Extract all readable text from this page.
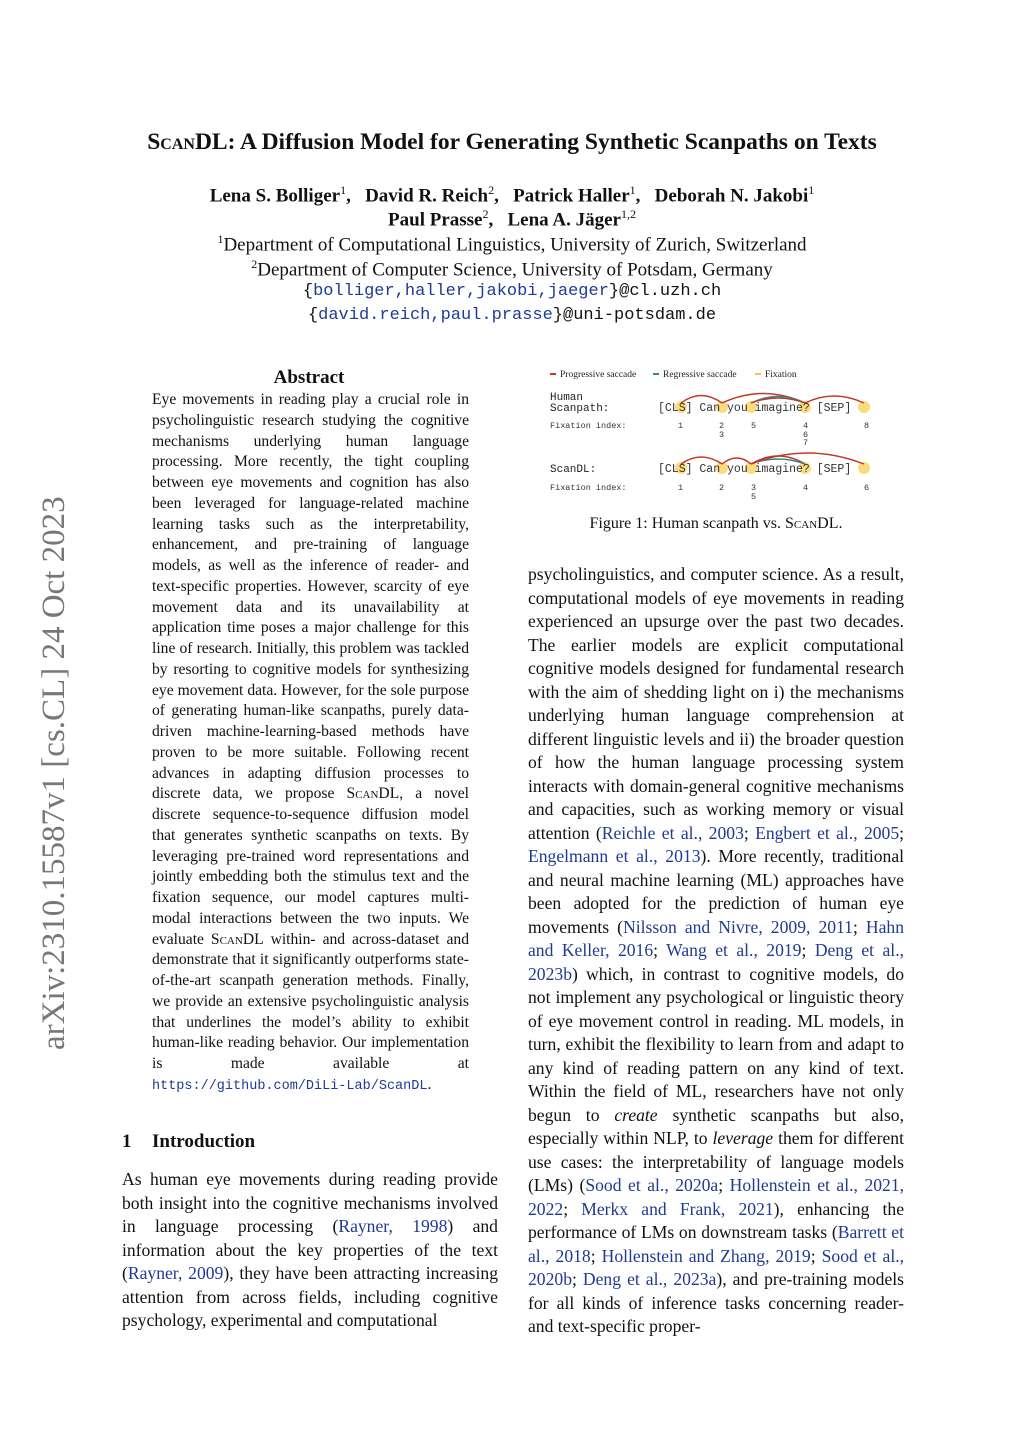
arXiv:2310.15587v1 [cs.CL] 24 Oct 2023
ScanDL: A Diffusion Model for Generating Synthetic Scanpaths on Texts
Lena S. Bolliger$^1$,   David R. Reich$^2$,   Patrick Haller$^1$,   Deborah N. Jakobi$^1$
Paul Prasse$^2$,   Lena A. Jäger$^{1,2}$
$^1$Department of Computational Linguistics, University of Zurich, Switzerland
$^2$Department of Computer Science, University of Potsdam, Germany
{bolliger,haller,jakobi,jaeger}@cl.uzh.ch
{david.reich,paul.prasse}@uni-potsdam.de
Abstract
Eye movements in reading play a crucial role in psycholinguistic research studying the cognitive mechanisms underlying human language processing. More recently, the tight coupling between eye movements and cognition has also been leveraged for language-related machine learning tasks such as the interpretability, enhancement, and pre-training of language models, as well as the inference of reader- and text-specific properties. However, scarcity of eye movement data and its unavailability at application time poses a major challenge for this line of research. Initially, this problem was tackled by resorting to cognitive models for synthesizing eye movement data. However, for the sole purpose of generating human-like scanpaths, purely data-driven machine-learning-based methods have proven to be more suitable. Following recent advances in adapting diffusion processes to discrete data, we propose ScanDL, a novel discrete sequence-to-sequence diffusion model that generates synthetic scanpaths on texts. By leveraging pre-trained word representations and jointly embedding both the stimulus text and the fixation sequence, our model captures multi-modal interactions between the two inputs. We evaluate ScanDL within- and across-dataset and demonstrate that it significantly outperforms state-of-the-art scanpath generation methods. Finally, we provide an extensive psycholinguistic analysis that underlines the model’s ability to exhibit human-like reading behavior. Our implementation is made available at https://github.com/DiLi-Lab/ScanDL.
1 Introduction
As human eye movements during reading provide both insight into the cognitive mechanisms involved in language processing (Rayner, 1998) and information about the key properties of the text (Rayner, 2009), they have been attracting increasing attention from across fields, including cognitive psychology, experimental and computational
Progressive saccade	Regressive saccade	Fixation
Human
Scanpath:	[CLS] Can you imagine? [SEP]
Fixation index:	1	2
3
5	4
6
7
8
ScanDL:	[CLS] Can you imagine? [SEP]
Fixation index:	1	2	3
5
4	6
Figure 1: Human scanpath vs. ScanDL.
psycholinguistics, and computer science. As a result, computational models of eye movements in reading experienced an upsurge over the past two decades. The earlier models are explicit computational cognitive models designed for fundamental research with the aim of shedding light on i) the mechanisms underlying human language comprehension at different linguistic levels and ii) the broader question of how the human language processing system interacts with domain-general cognitive mechanisms and capacities, such as working memory or visual attention (Reichle et al., 2003; Engbert et al., 2005; Engelmann et al., 2013). More recently, traditional and neural machine learning (ML) approaches have been adopted for the prediction of human eye movements (Nilsson and Nivre, 2009, 2011; Hahn and Keller, 2016; Wang et al., 2019; Deng et al., 2023b) which, in contrast to cognitive models, do not implement any psychological or linguistic theory of eye movement control in reading. ML models, in turn, exhibit the flexibility to learn from and adapt to any kind of reading pattern on any kind of text. Within the field of ML, researchers have not only begun to create synthetic scanpaths but also, especially within NLP, to leverage them for different use cases: the interpretability of language models (LMs) (Sood et al., 2020a; Hollenstein et al., 2021, 2022; Merkx and Frank, 2021), enhancing the performance of LMs on downstream tasks (Barrett et al., 2018; Hollenstein and Zhang, 2019; Sood et al., 2020b; Deng et al., 2023a), and pre-training models for all kinds of inference tasks concerning reader- and text-specific proper-
